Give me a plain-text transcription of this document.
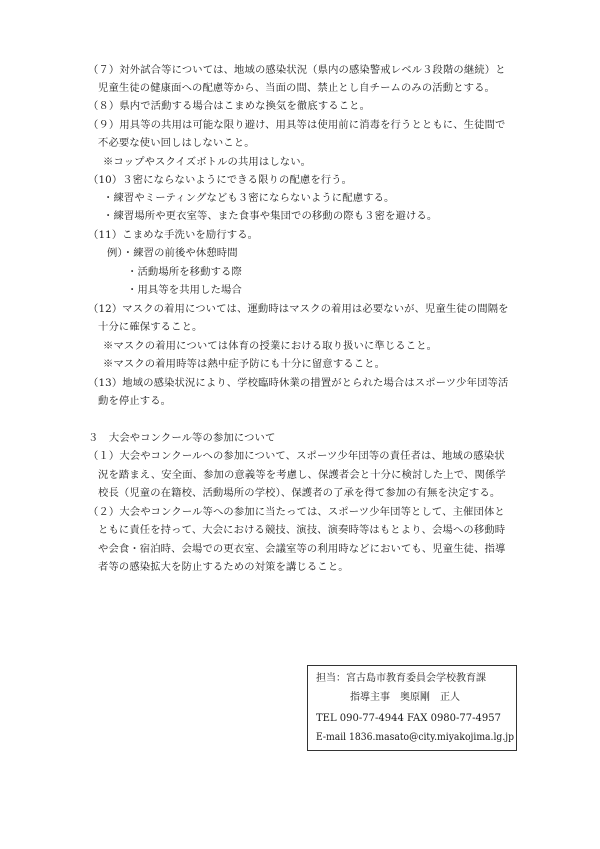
（７）対外試合等については、地域の感染状況（県内の感染警戒レベル３段階の継続）と
児童生徒の健康面への配慮等から、当面の間、禁止とし自チームのみの活動とする。
（８）県内で活動する場合はこまめな換気を徹底すること。
（９）用具等の共用は可能な限り避け、用具等は使用前に消毒を行うとともに、生徒間で
不必要な使い回しはしないこと。
※コップやスクイズボトルの共用はしない。
（10）３密にならないようにできる限りの配慮を行う。
・練習やミーティングなども３密にならないように配慮する。
・練習場所や更衣室等、また食事や集団での移動の際も３密を避ける。
（11）こまめな手洗いを励行する。
例）・練習の前後や休憩時間
・活動場所を移動する際
・用具等を共用した場合
（12）マスクの着用については、運動時はマスクの着用は必要ないが、児童生徒の間隔を
十分に確保すること。
※マスクの着用については体育の授業における取り扱いに準じること。
※マスクの着用時等は熱中症予防にも十分に留意すること。
（13）地域の感染状況により、学校臨時休業の措置がとられた場合はスポーツ少年団等活
動を停止する。
３　大会やコンクール等の参加について
（１）大会やコンクールへの参加について、スポーツ少年団等の責任者は、地域の感染状
況を踏まえ、安全面、参加の意義等を考慮し、保護者会と十分に検討した上で、関係学
校長（児童の在籍校、活動場所の学校）、保護者の了承を得て参加の有無を決定する。
（２）大会やコンクール等への参加に当たっては、スポーツ少年団等として、主催団体と
ともに責任を持って、大会における競技、演技、演奏時等はもとより、会場への移動時
や会食・宿泊時、会場での更衣室、会議室等の利用時などにおいても、児童生徒、指導
者等の感染拡大を防止するための対策を講じること。
担当：宮古島市教育委員会学校教育課
指導主事　奥原剛　正人
TEL 090-77-4944 FAX 0980-77-4957
E-mail 1836.masato@city.miyakojima.lg.jp
